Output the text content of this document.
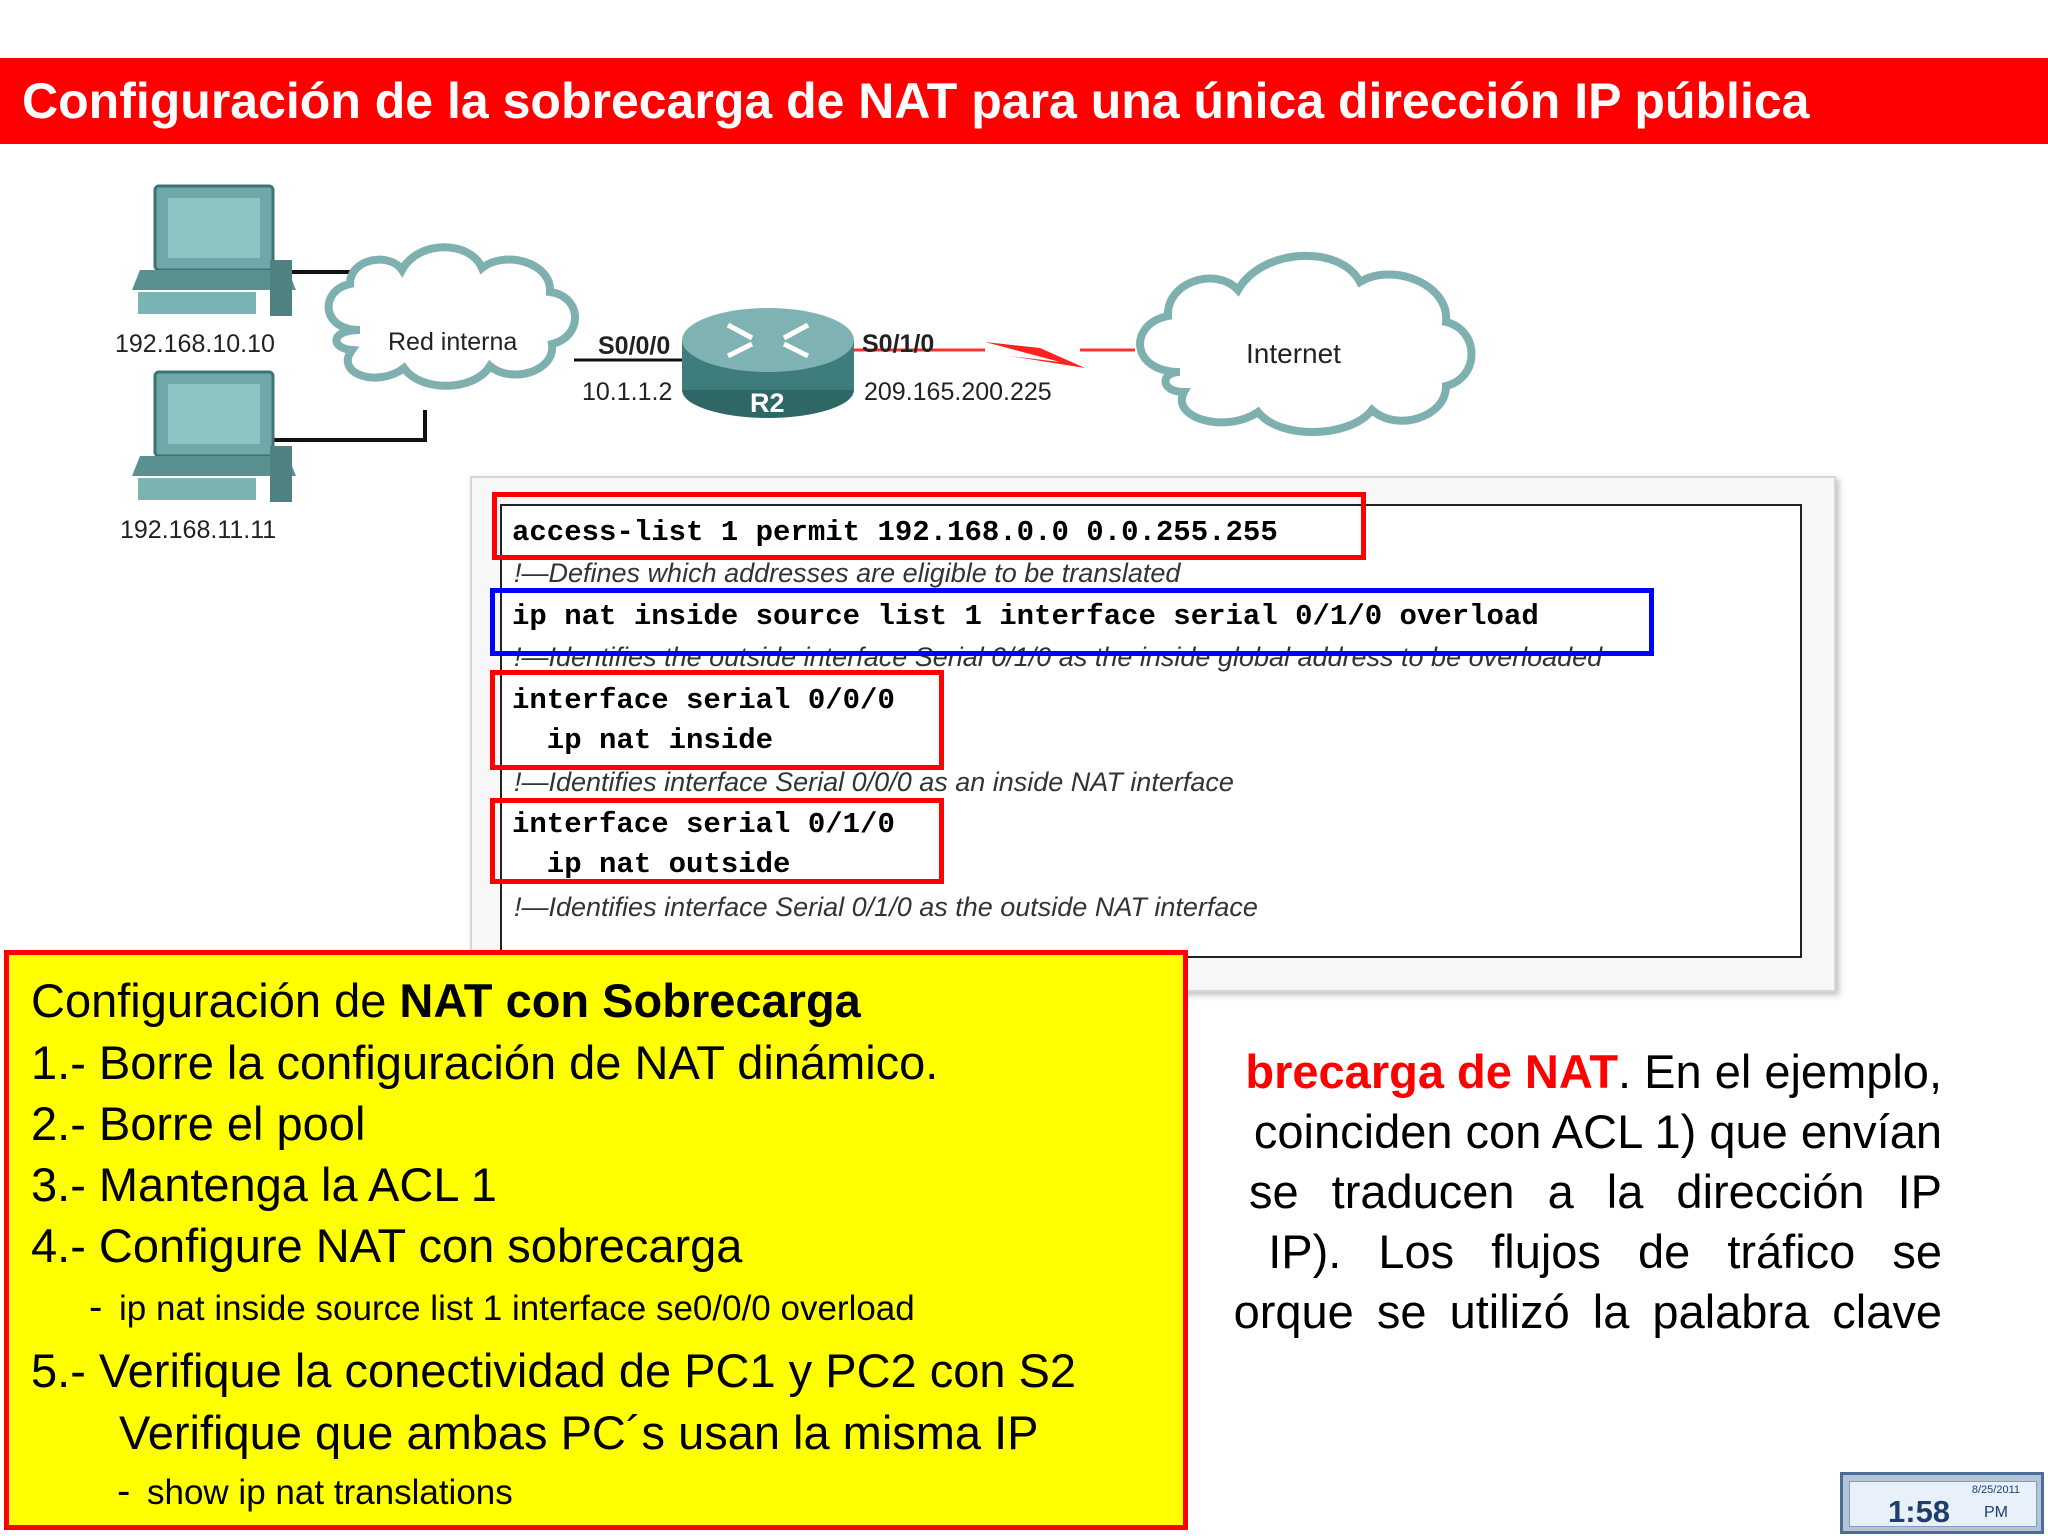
Configuración de la sobrecarga de NAT para una única dirección IP pública
192.168.10.10
192.168.11.11
Red interna	S0/0/0
10.1.1.2	R2
S0/1/0
209.165.200.225
Internet
access-list 1 permit 192.168.0.0 0.0.255.255
!—Defines which addresses are eligible to be translated
ip nat inside source list 1 interface serial 0/1/0 overload
!—Identifies the outside interface Serial 0/1/0 as the inside global address to be overloaded
interface serial 0/0/0
ip nat inside
!—Identifies interface Serial 0/0/0 as an inside NAT interface
interface serial 0/1/0
ip nat outside
!—Identifies interface Serial 0/1/0 as the outside NAT interface
brecarga de NAT. En el ejemplo,
coinciden con ACL 1) que envían
se traducen a la dirección IP
IP). Los flujos de tráfico se
orque se utilizó la palabra clave
Configuración de NAT con Sobrecarga
1.- Borre la configuración de NAT dinámico.
2.- Borre el pool
3.- Mantenga la ACL 1
4.- Configure NAT con sobrecarga
- ip nat inside source list 1 interface se0/0/0 overload
5.- Verifique la conectividad de PC1 y PC2 con S2
Verifique que ambas PC´s usan la misma IP
- show ip nat translations	8/25/2011
1:58 PM
